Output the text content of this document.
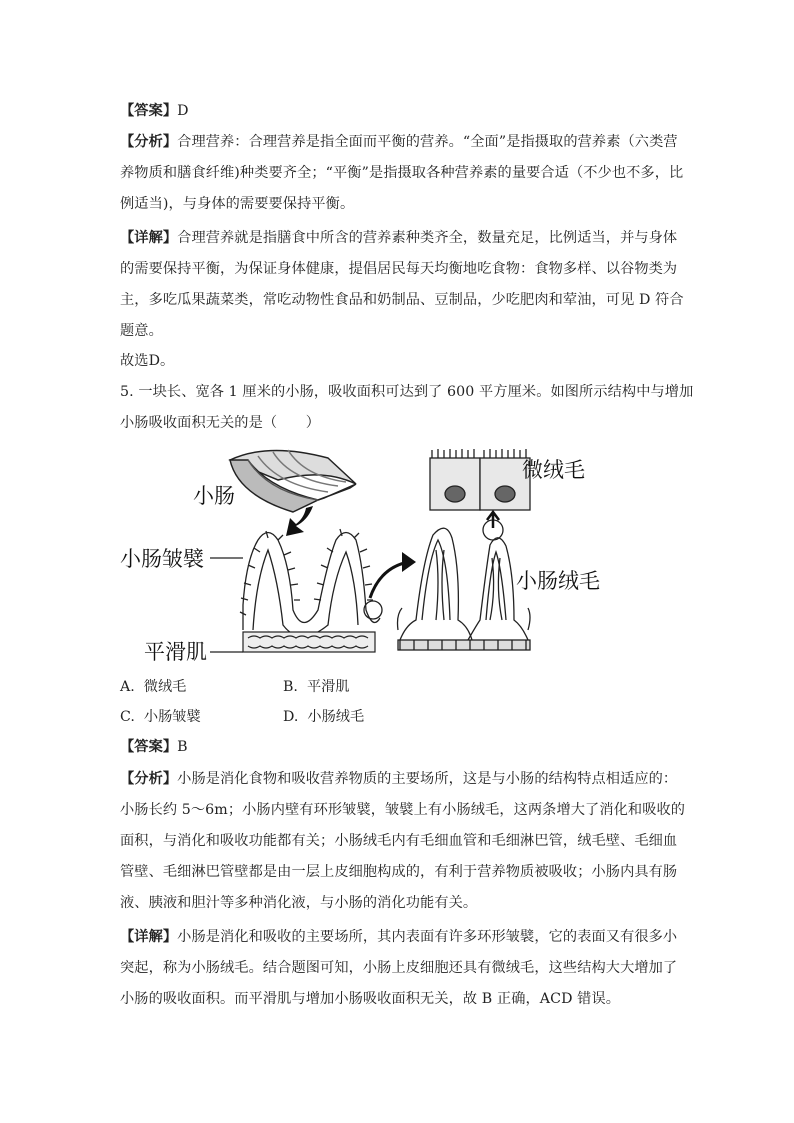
【答案】D
【分析】合理营养：合理营养是指全面而平衡的营养。“全面”是指摄取的营养素（六类营
养物质和膳食纤维)种类要齐全；“平衡”是指摄取各种营养素的量要合适（不少也不多，比
例适当)，与身体的需要要保持平衡。
【详解】合理营养就是指膳食中所含的营养素种类齐全，数量充足，比例适当，并与身体
的需要保持平衡，为保证身体健康，提倡居民每天均衡地吃食物：食物多样、以谷物类为
主，多吃瓜果蔬菜类，常吃动物性食品和奶制品、豆制品，少吃肥肉和荤油，可见 D 符合
题意。
故选D。
5. 一块长、宽各 1 厘米的小肠，吸收面积可达到了 600 平方厘米。如图所示结构中与增加
小肠吸收面积无关的是（　　）
小肠
小肠皱襞
平滑肌
微绒毛
小肠绒毛
A. 微绒毛	B. 平滑肌
C. 小肠皱襞	D. 小肠绒毛
【答案】B
【分析】小肠是消化食物和吸收营养物质的主要场所，这是与小肠的结构特点相适应的：
小肠长约 5～6m；小肠内壁有环形皱襞，皱襞上有小肠绒毛，这两条增大了消化和吸收的
面积，与消化和吸收功能都有关；小肠绒毛内有毛细血管和毛细淋巴管，绒毛壁、毛细血
管壁、毛细淋巴管壁都是由一层上皮细胞构成的，有利于营养物质被吸收；小肠内具有肠
液、胰液和胆汁等多种消化液，与小肠的消化功能有关。
【详解】小肠是消化和吸收的主要场所，其内表面有许多环形皱襞，它的表面又有很多小
突起，称为小肠绒毛。结合题图可知，小肠上皮细胞还具有微绒毛，这些结构大大增加了
小肠的吸收面积。而平滑肌与增加小肠吸收面积无关，故 B 正确，ACD 错误。
